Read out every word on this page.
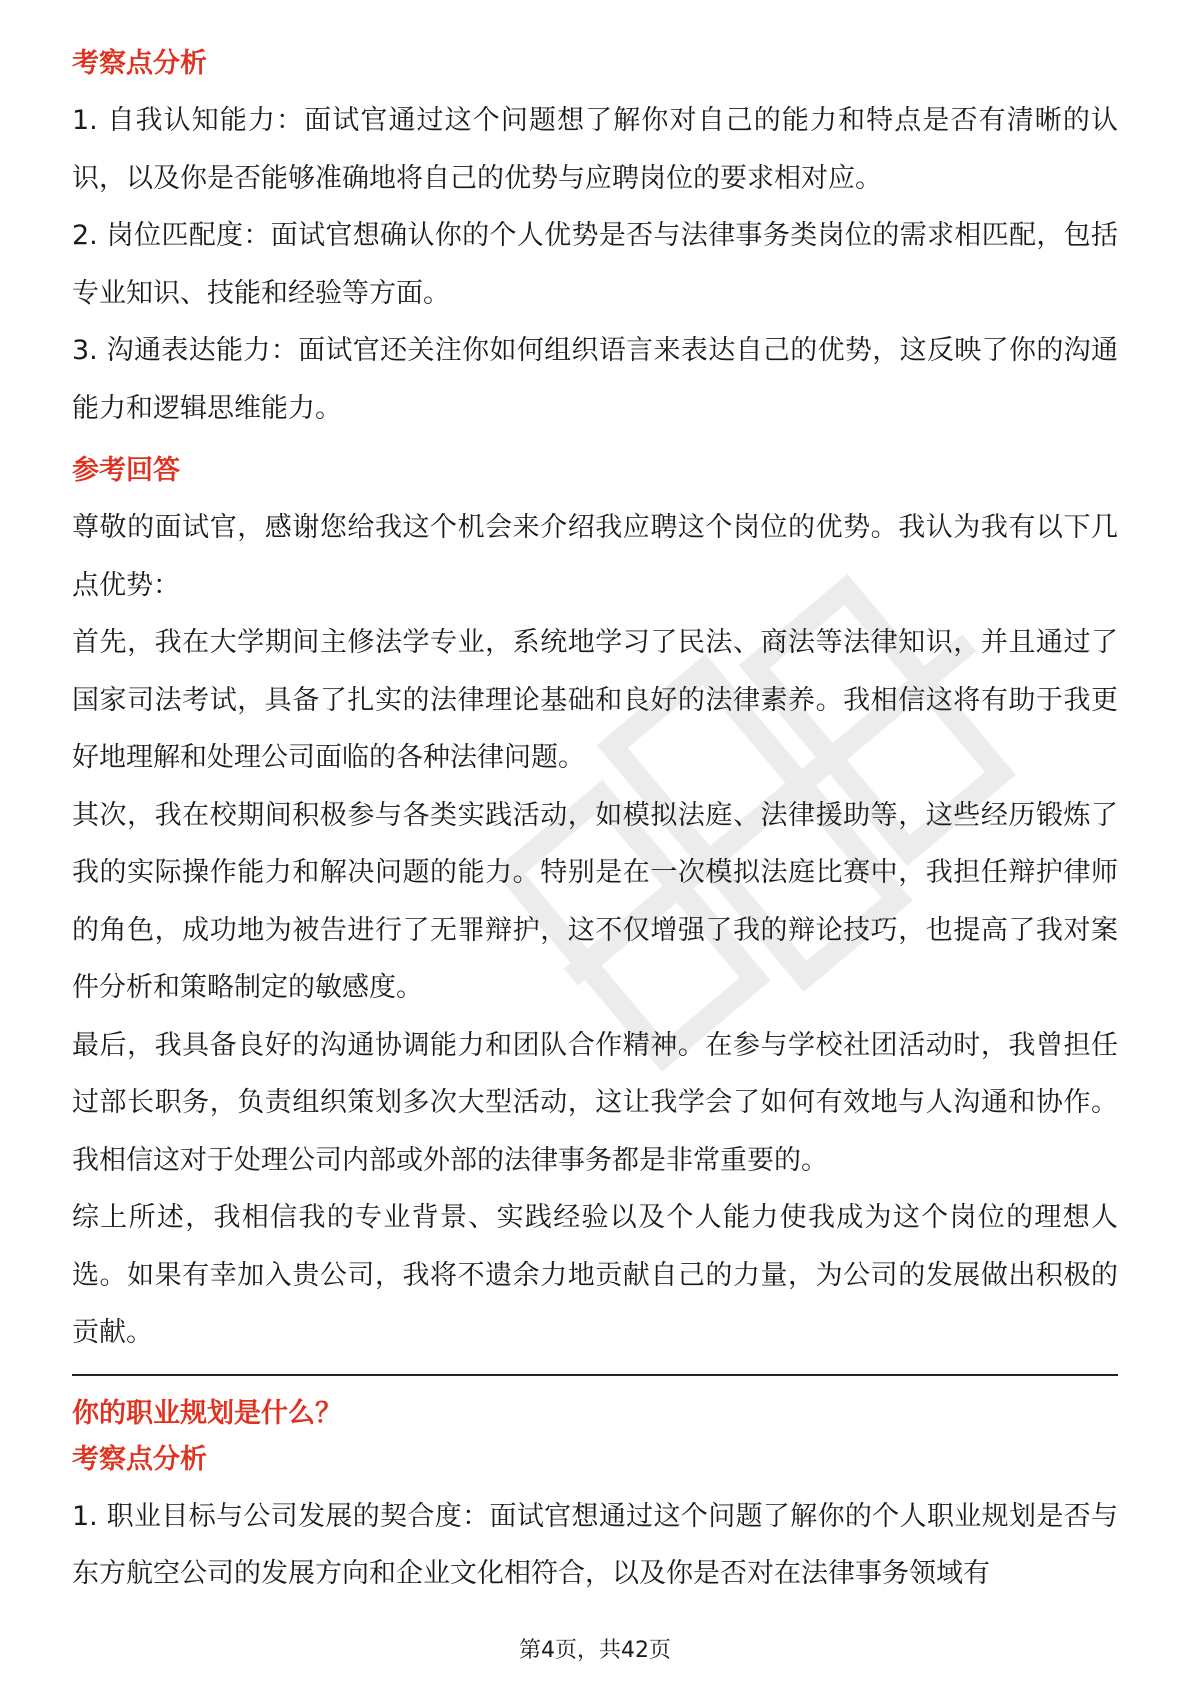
考察点分析

1. 自我认知能力：面试官通过这个问题想了解你对自己的能力和特点是否有清晰的认识，以及你是否能够准确地将自己的优势与应聘岗位的要求相对应。

2. 岗位匹配度：面试官想确认你的个人优势是否与法律事务类岗位的需求相匹配，包括专业知识、技能和经验等方面。

3. 沟通表达能力：面试官还关注你如何组织语言来表达自己的优势，这反映了你的沟通能力和逻辑思维能力。

参考回答

尊敬的面试官，感谢您给我这个机会来介绍我应聘这个岗位的优势。我认为我有以下几点优势：

首先，我在大学期间主修法学专业，系统地学习了民法、商法等法律知识，并且通过了国家司法考试，具备了扎实的法律理论基础和良好的法律素养。我相信这将有助于我更好地理解和处理公司面临的各种法律问题。

其次，我在校期间积极参与各类实践活动，如模拟法庭、法律援助等，这些经历锻炼了我的实际操作能力和解决问题的能力。特别是在一次模拟法庭比赛中，我担任辩护律师的角色，成功地为被告进行了无罪辩护，这不仅增强了我的辩论技巧，也提高了我对案件分析和策略制定的敏感度。

最后，我具备良好的沟通协调能力和团队合作精神。在参与学校社团活动时，我曾担任过部长职务，负责组织策划多次大型活动，这让我学会了如何有效地与人沟通和协作。我相信这对于处理公司内部或外部的法律事务都是非常重要的。

综上所述，我相信我的专业背景、实践经验以及个人能力使我成为这个岗位的理想人选。如果有幸加入贵公司，我将不遗余力地贡献自己的力量，为公司的发展做出积极的贡献。

你的职业规划是什么？
考察点分析

1. 职业目标与公司发展的契合度：面试官想通过这个问题了解你的个人职业规划是否与东方航空公司的发展方向和企业文化相符合，以及你是否对在法律事务领域有

第4页，共42页
